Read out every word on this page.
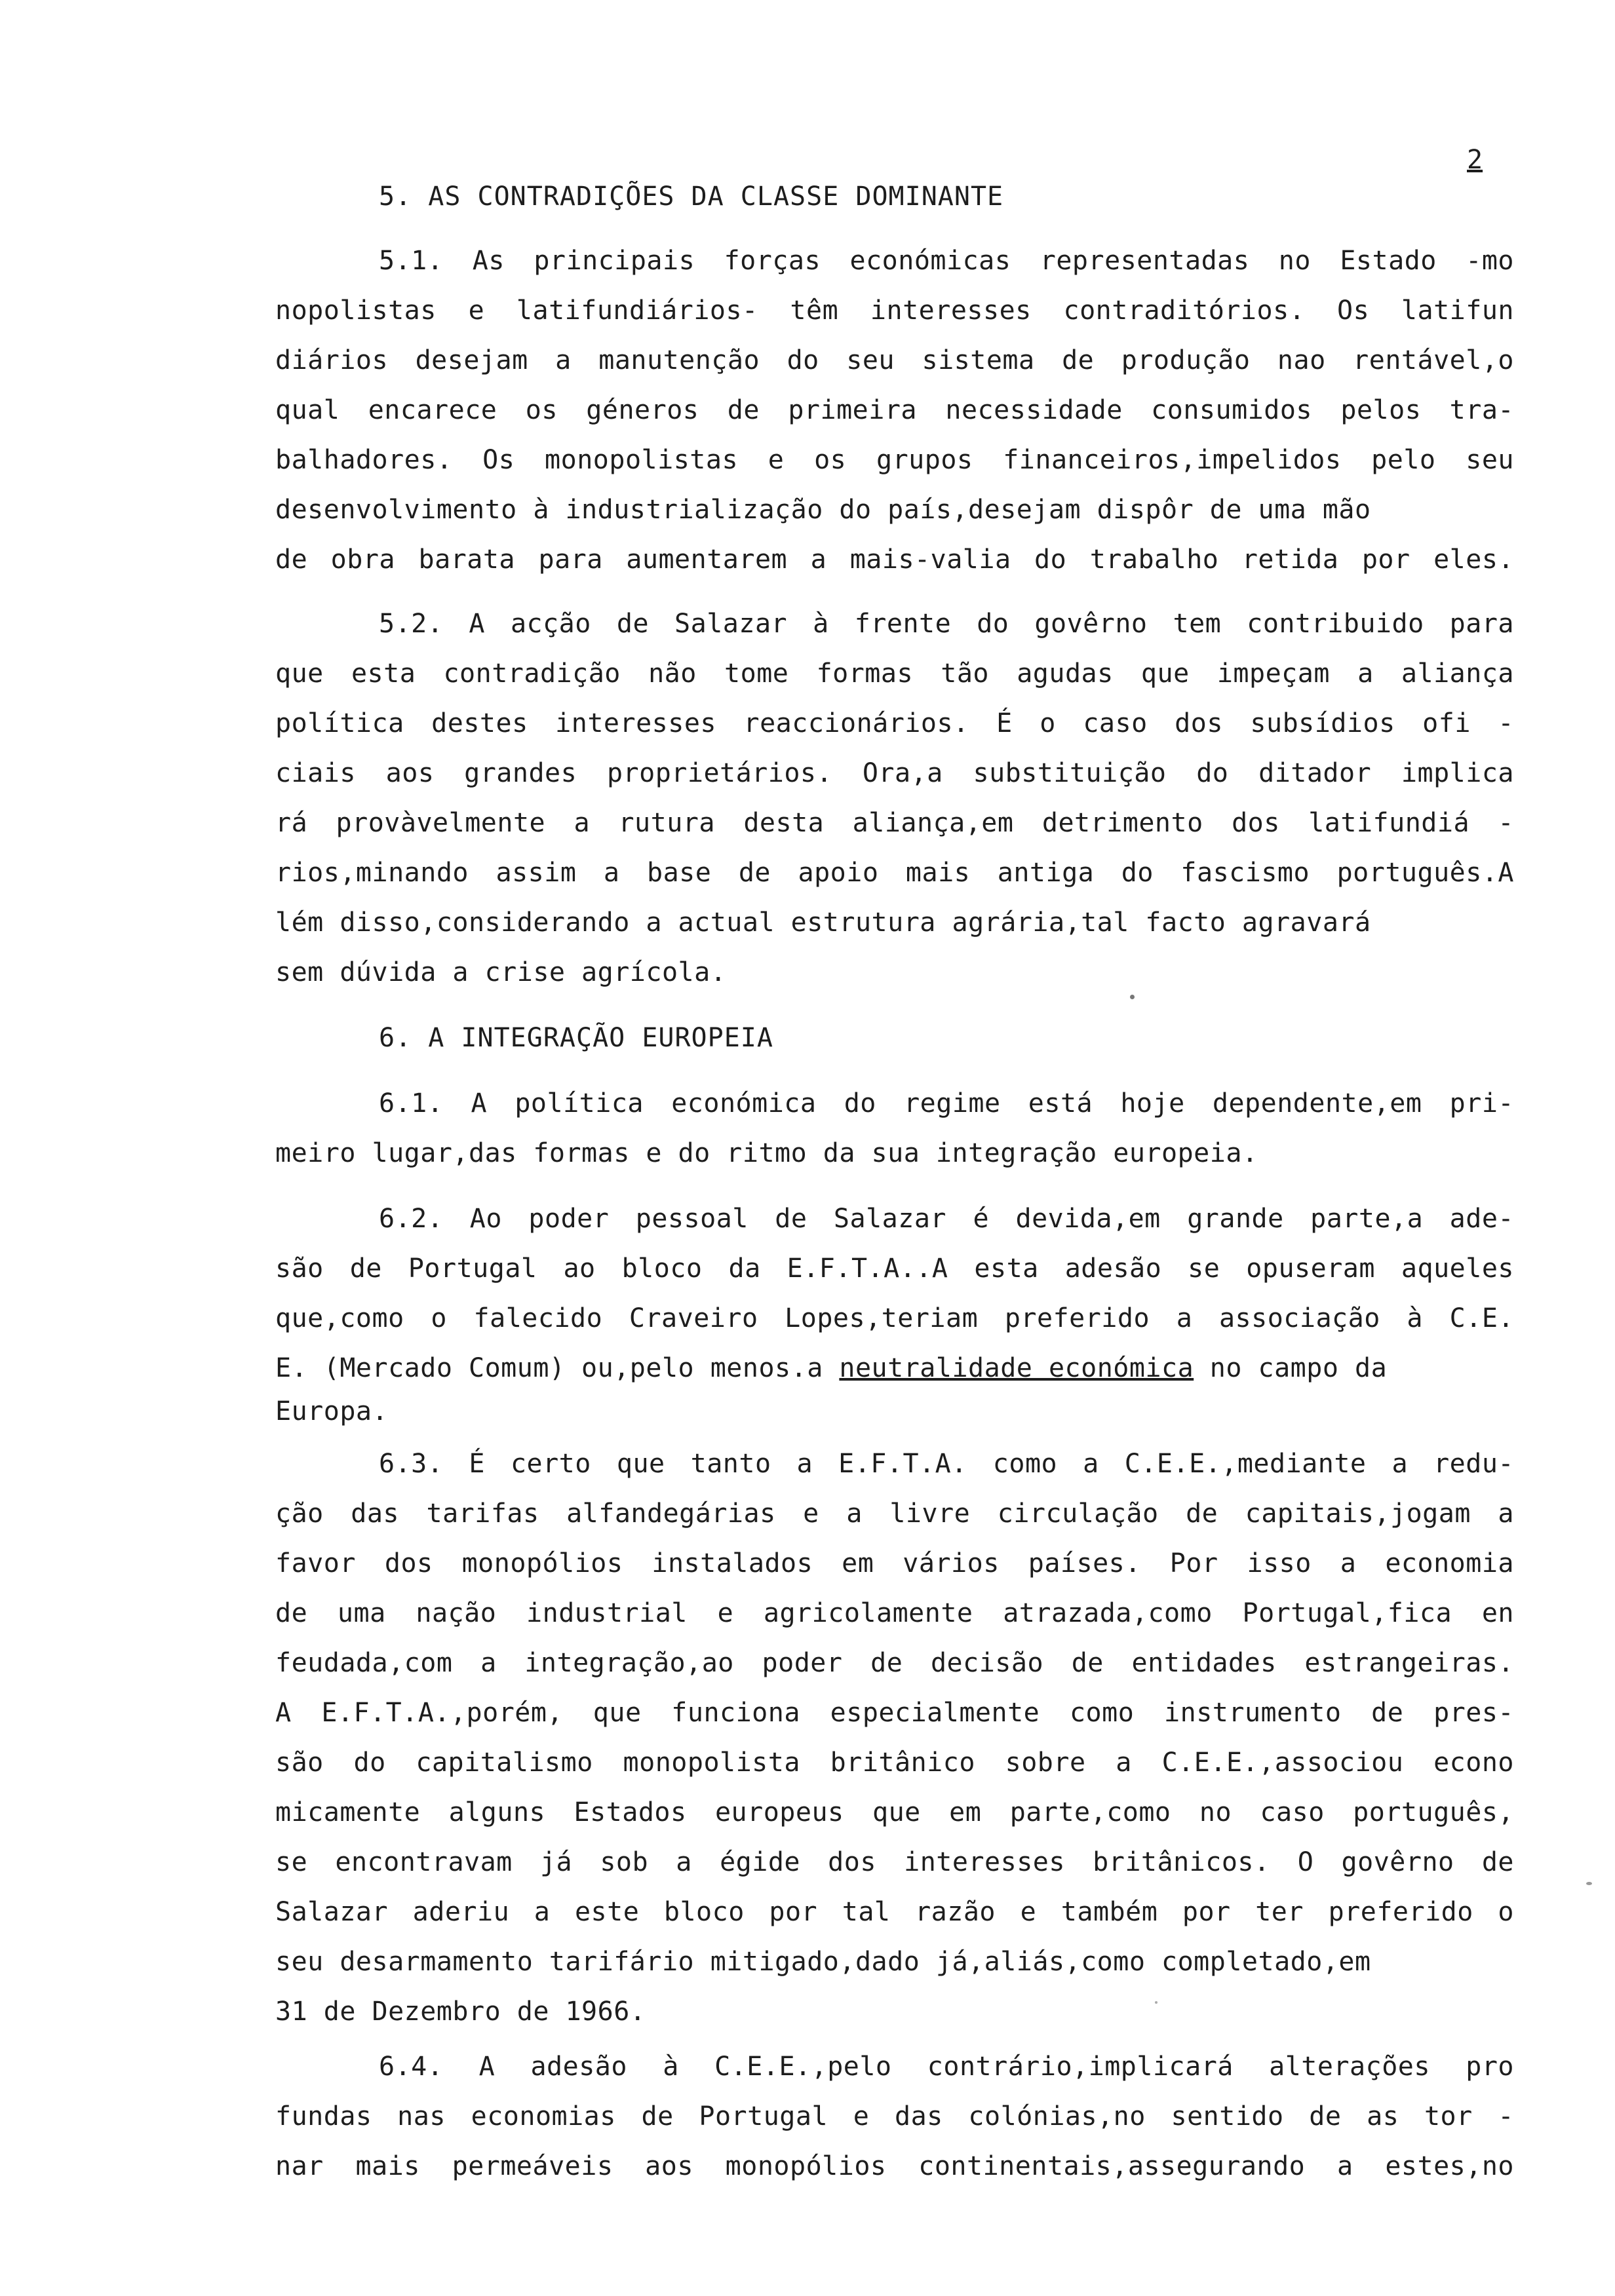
2
5. AS CONTRADIÇÕES DA CLASSE DOMINANTE
5.1. As principais forças económicas representadas no Estado -mo
nopolistas e latifundiários- têm interesses contraditórios. Os latifun
diários desejam a manutenção do seu sistema de produção nao rentável,o
qual encarece os géneros de primeira necessidade consumidos pelos tra-
balhadores. Os monopolistas e os grupos financeiros,impelidos pelo seu
desenvolvimento à industrialização do país,desejam dispôr de uma mão
de obra barata para aumentarem a mais-valia do trabalho retida por eles.
5.2. A acção de Salazar à frente do govêrno tem contribuido para
que esta contradição não tome formas tão agudas que impeçam a aliança
política destes interesses reaccionários. É o caso dos subsídios ofi -
ciais aos grandes proprietários. Ora,a substituição do ditador implica
rá provàvelmente a rutura desta aliança,em detrimento dos latifundiá -
rios,minando assim a base de apoio mais antiga do fascismo português.A
lém disso,considerando a actual estrutura agrária,tal facto agravará
sem dúvida a crise agrícola.
6. A INTEGRAÇÃO EUROPEIA
6.1. A política económica do regime está hoje dependente,em pri-
meiro lugar,das formas e do ritmo da sua integração europeia.
6.2. Ao poder pessoal de Salazar é devida,em grande parte,a ade-
são de Portugal ao bloco da E.F.T.A..A esta adesão se opuseram aqueles
que,como o falecido Craveiro Lopes,teriam preferido a associação à C.E.
E. (Mercado Comum) ou,pelo menos.a neutralidade económica no campo da
Europa.
6.3. É certo que tanto a E.F.T.A. como a C.E.E.,mediante a redu-
ção das tarifas alfandegárias e a livre circulação de capitais,jogam a
favor dos monopólios instalados em vários países. Por isso a economia
de uma nação industrial e agricolamente atrazada,como Portugal,fica en
feudada,com a integração,ao poder de decisão de entidades estrangeiras.
A E.F.T.A.,porém, que funciona especialmente como instrumento de pres-
são do capitalismo monopolista britânico sobre a C.E.E.,associou econo
micamente alguns Estados europeus que em parte,como no caso português,
se encontravam já sob a égide dos interesses britânicos. O govêrno de
Salazar aderiu a este bloco por tal razão e também por ter preferido o
seu desarmamento tarifário mitigado,dado já,aliás,como completado,em
31 de Dezembro de 1966.
6.4. A adesão à C.E.E.,pelo contrário,implicará alterações pro
fundas nas economias de Portugal e das colónias,no sentido de as tor -
nar mais permeáveis aos monopólios continentais,assegurando a estes,no
